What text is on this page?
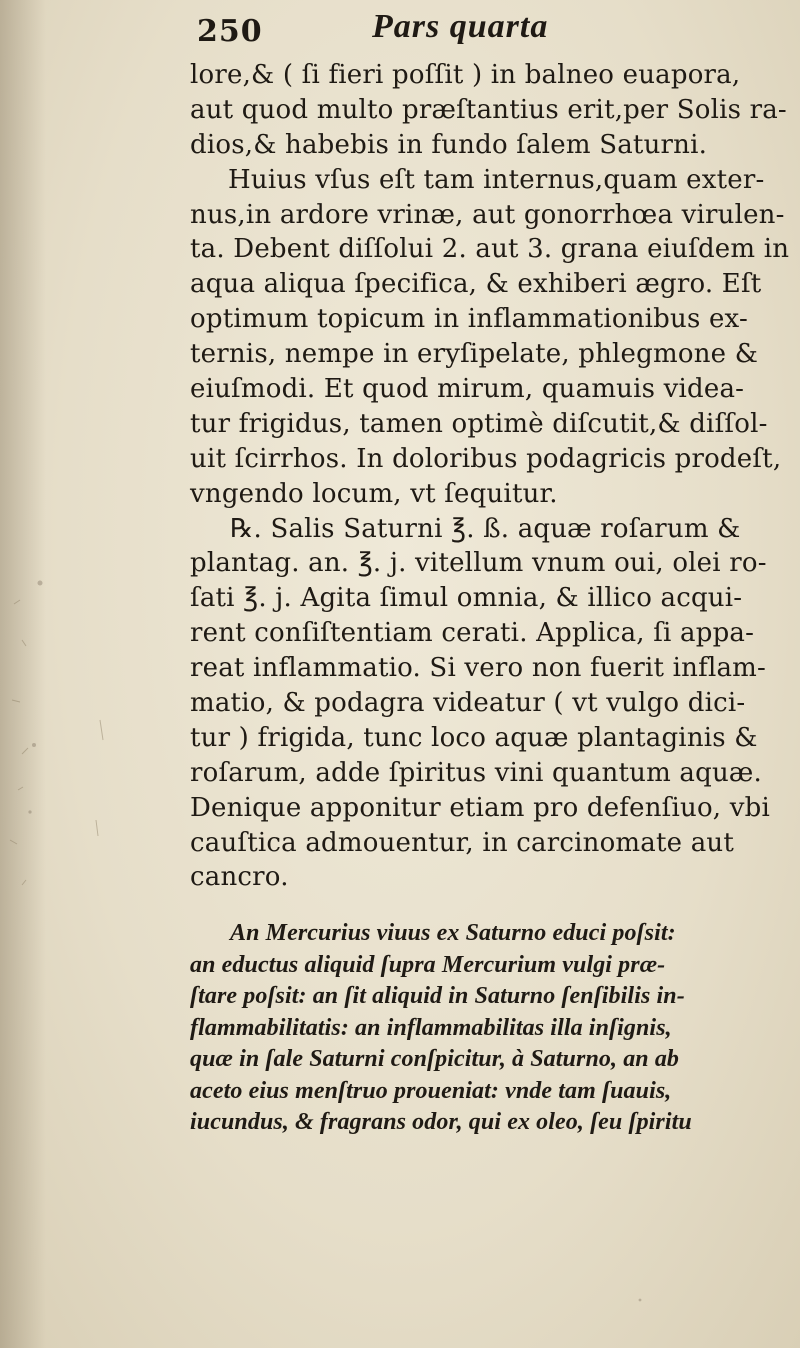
250	Pars quarta
lore,& ( ſi fieri poſſit ) in balneo euapora,
aut quod multo præſtantius erit,per Solis ra-
dios,& habebis in fundo ſalem Saturni.
Huius vſus eſt tam internus,quam exter-
nus,in ardore vrinæ, aut gonorrhœa virulen-
ta. Debent diſſolui 2. aut 3. grana eiuſdem in
aqua aliqua ſpecifica, & exhiberi ægro. Eſt
optimum topicum in inflammationibus ex-
ternis, nempe in eryſipelate, phlegmone &
eiuſmodi. Et quod mirum, quamuis videa-
tur frigidus, tamen optimè diſcutit,& diſſol-
uit ſcirrhos. In doloribus podagricis prodeſt,
vngendo locum, vt ſequitur.
℞. Salis Saturni ℥. ß. aquæ roſarum &
plantag. an. ℥. j. vitellum vnum oui, olei ro-
ſati ℥. j. Agita ſimul omnia, & illico acqui-
rent conſiſtentiam cerati. Applica, ſi appa-
reat inflammatio. Si vero non fuerit inflam-
matio, & podagra videatur ( vt vulgo dici-
tur ) frigida, tunc loco aquæ plantaginis &
roſarum, adde ſpiritus vini quantum aquæ.
Denique apponitur etiam pro defenſiuo, vbi
cauſtica admouentur, in carcinomate aut
cancro.
An Mercurius viuus ex Saturno educi poſsit:
an eductus aliquid ſupra Mercurium vulgi præ-
ſtare poſsit: an ſit aliquid in Saturno ſenſibilis in-
flammabilitatis: an inflammabilitas illa inſignis,
quæ in ſale Saturni conſpicitur, à Saturno, an ab
aceto eius menſtruo proueniat: vnde tam ſuauis,
iucundus, & fragrans odor, qui ex oleo, ſeu ſpiritu
